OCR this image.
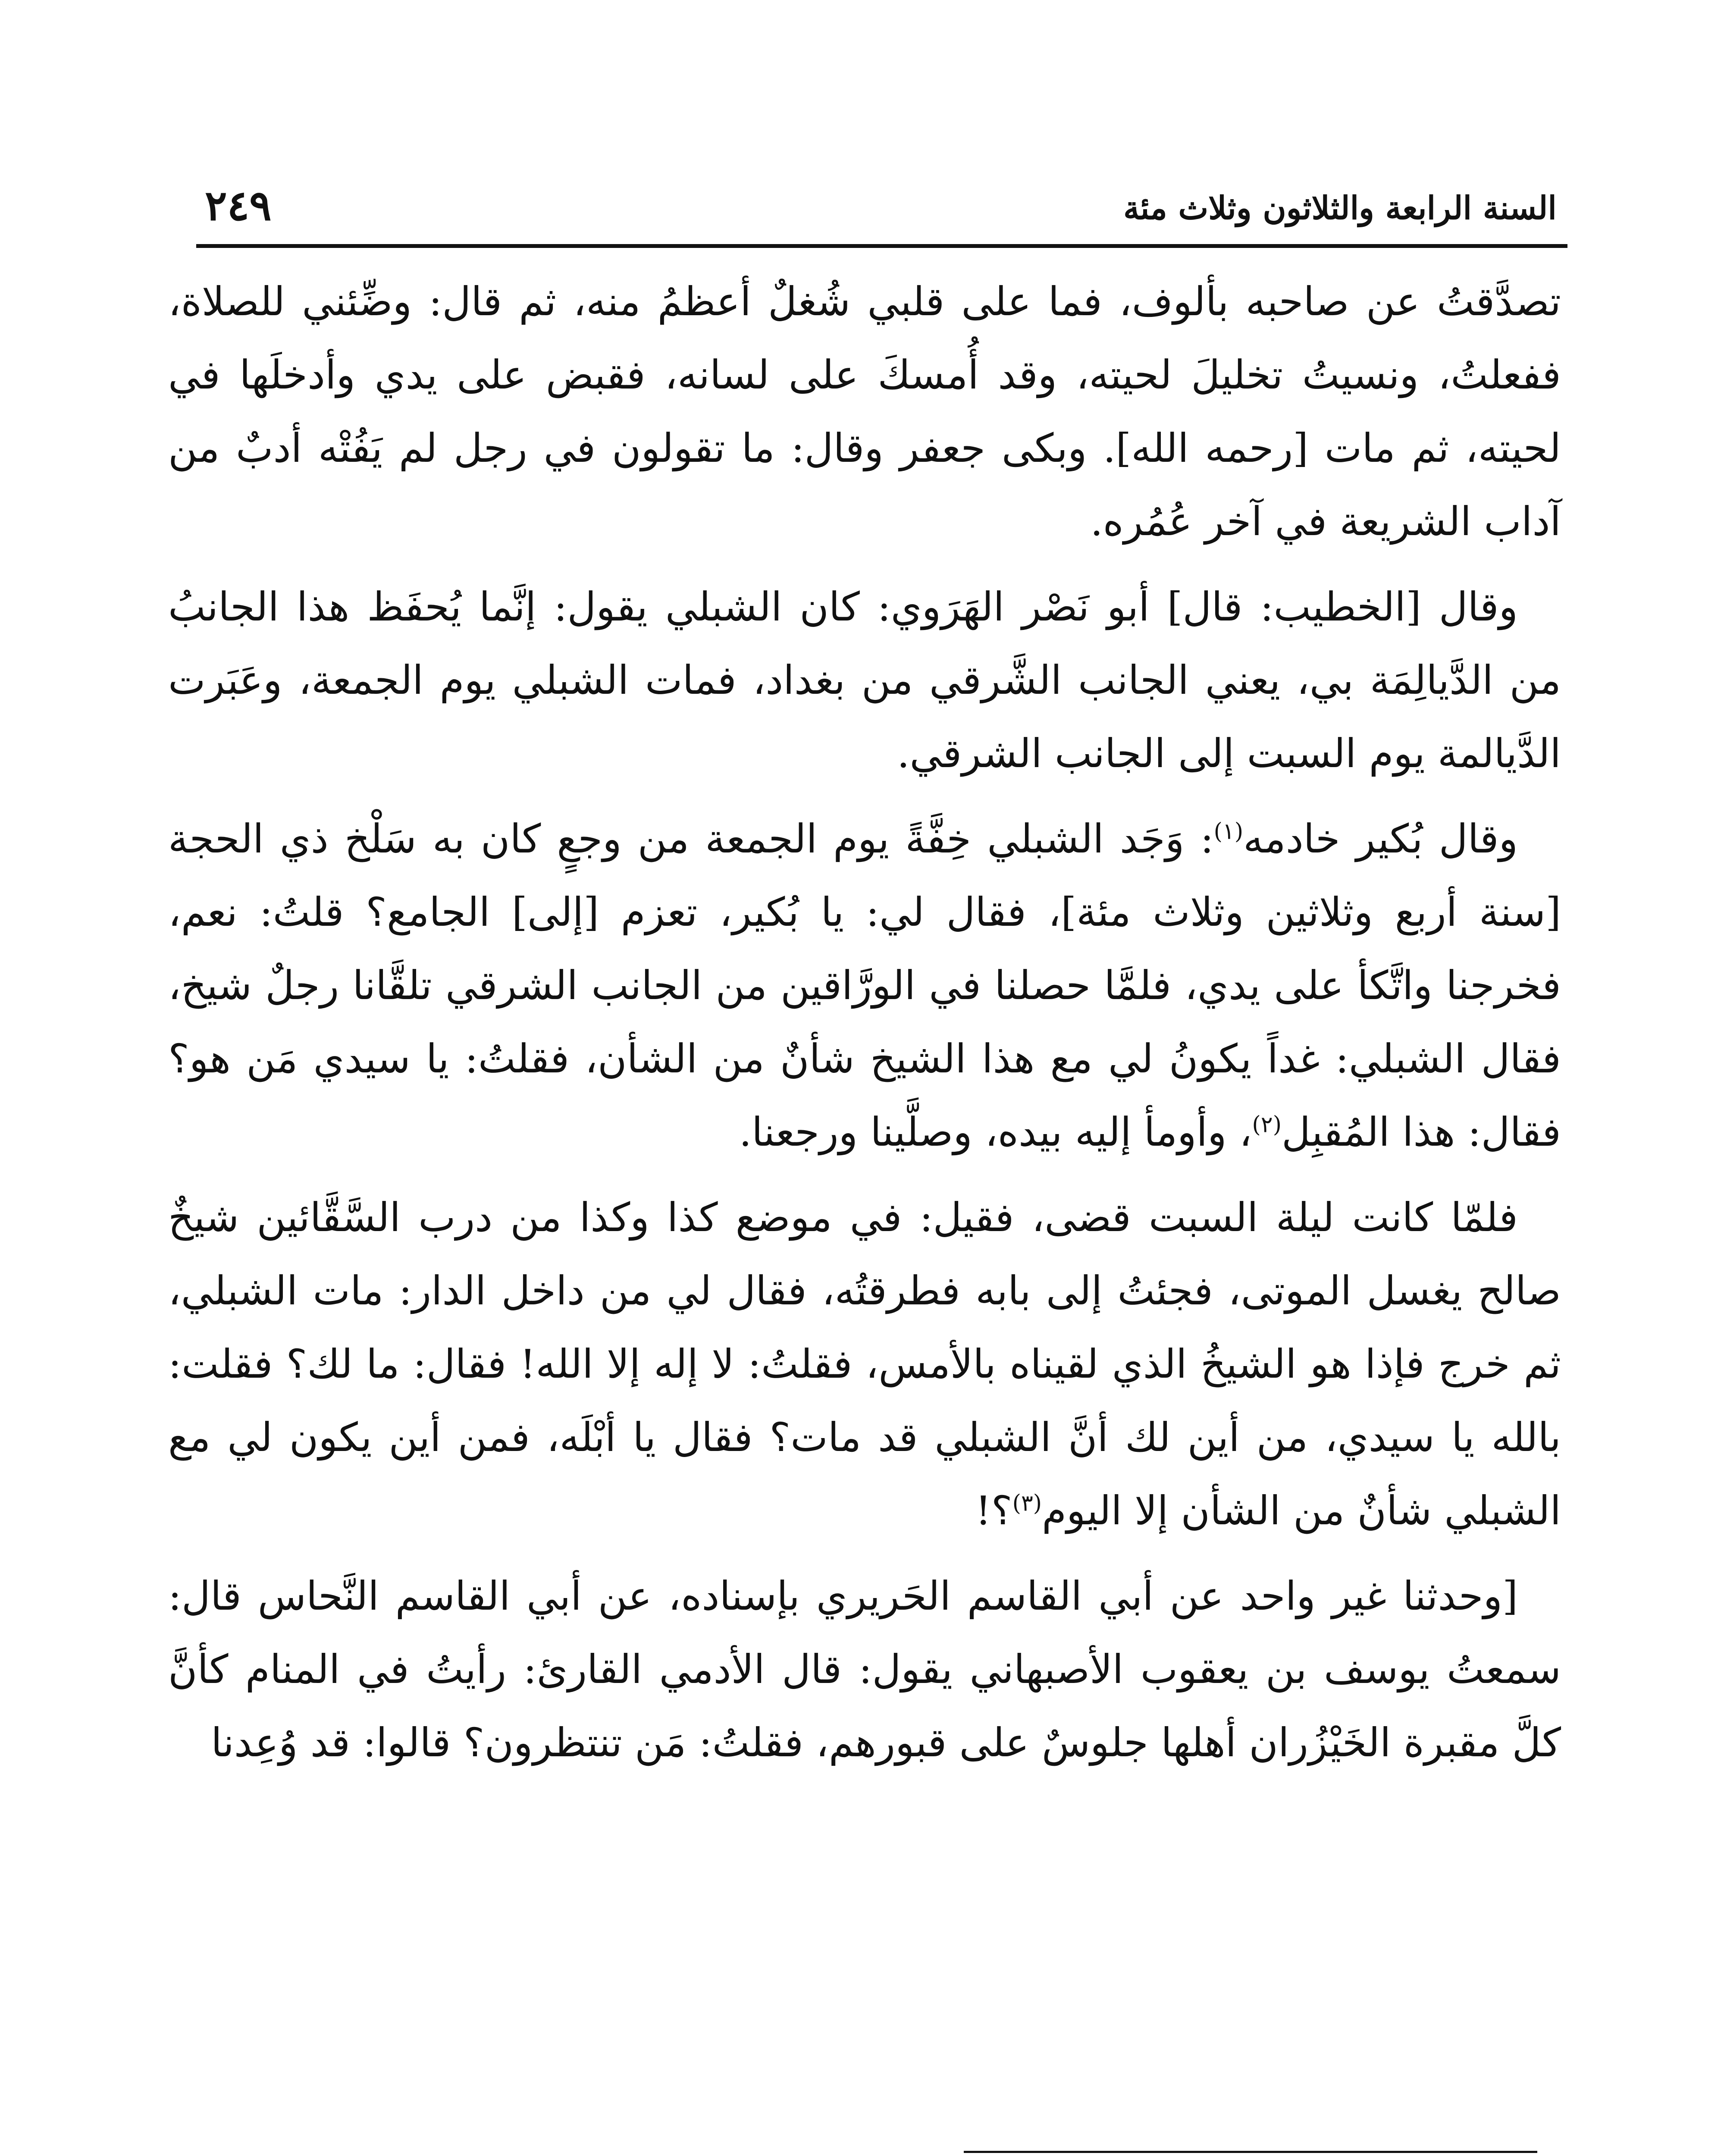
السنة الرابعة والثلاثون وثلاث مئة
٢٤٩

تصدَّقتُ عن صاحبه بألوف، فما على قلبي شُغلٌ أعظمُ منه، ثم قال: وضِّئني للصلاة، ففعلتُ، ونسيتُ تخليلَ لحيته، وقد أُمسكَ على لسانه، فقبض على يدي وأدخلَها في لحيته، ثم مات [رحمه الله]. وبكى جعفر وقال: ما تقولون في رجل لم يَفُتْه أدبٌ من آداب الشريعة في آخر عُمُره.

وقال [الخطيب: قال] أبو نَصْر الهَرَوي: كان الشبلي يقول: إنَّما يُحفَظ هذا الجانبُ من الدَّيالِمَة بي، يعني الجانب الشَّرقي من بغداد، فمات الشبلي يوم الجمعة، وعَبَرت الدَّيالمة يوم السبت إلى الجانب الشرقي.

وقال بُكير خادمه$^{(١)}$: وَجَد الشبلي خِفَّةً يوم الجمعة من وجعٍ كان به سَلْخ ذي الحجة [سنة أربع وثلاثين وثلاث مئة]، فقال لي: يا بُكير، تعزم [إلى] الجامع؟ قلتُ: نعم، فخرجنا واتَّكأ على يدي، فلمَّا حصلنا في الورَّاقين من الجانب الشرقي تلقَّانا رجلٌ شيخ، فقال الشبلي: غداً يكونُ لي مع هذا الشيخ شأنٌ من الشأن، فقلتُ: يا سيدي مَن هو؟ فقال: هذا المُقبِل$^{(٢)}$، وأومأ إليه بيده، وصلَّينا ورجعنا.

فلمّا كانت ليلة السبت قضى، فقيل: في موضع كذا وكذا من درب السَّقَّائين شيخٌ صالح يغسل الموتى، فجئتُ إلى بابه فطرقتُه، فقال لي من داخل الدار: مات الشبلي، ثم خرج فإذا هو الشيخُ الذي لقيناه بالأمس، فقلتُ: لا إله إلا الله! فقال: ما لك؟ فقلت: بالله يا سيدي، من أين لك أنَّ الشبلي قد مات؟ فقال يا أبْلَه، فمن أين يكون لي مع الشبلي شأنٌ من الشأن إلا اليوم$^{(٣)}$؟!

[وحدثنا غير واحد عن أبي القاسم الحَريري بإسناده، عن أبي القاسم النَّحاس قال: سمعتُ يوسف بن يعقوب الأصبهاني يقول: قال الأدمي القارئ: رأيتُ في المنام كأنَّ كلَّ مقبرة الخَيْزُران أهلها جلوسٌ على قبورهم، فقلتُ: مَن تنتظرون؟ قالوا: قد وُعِدنا
